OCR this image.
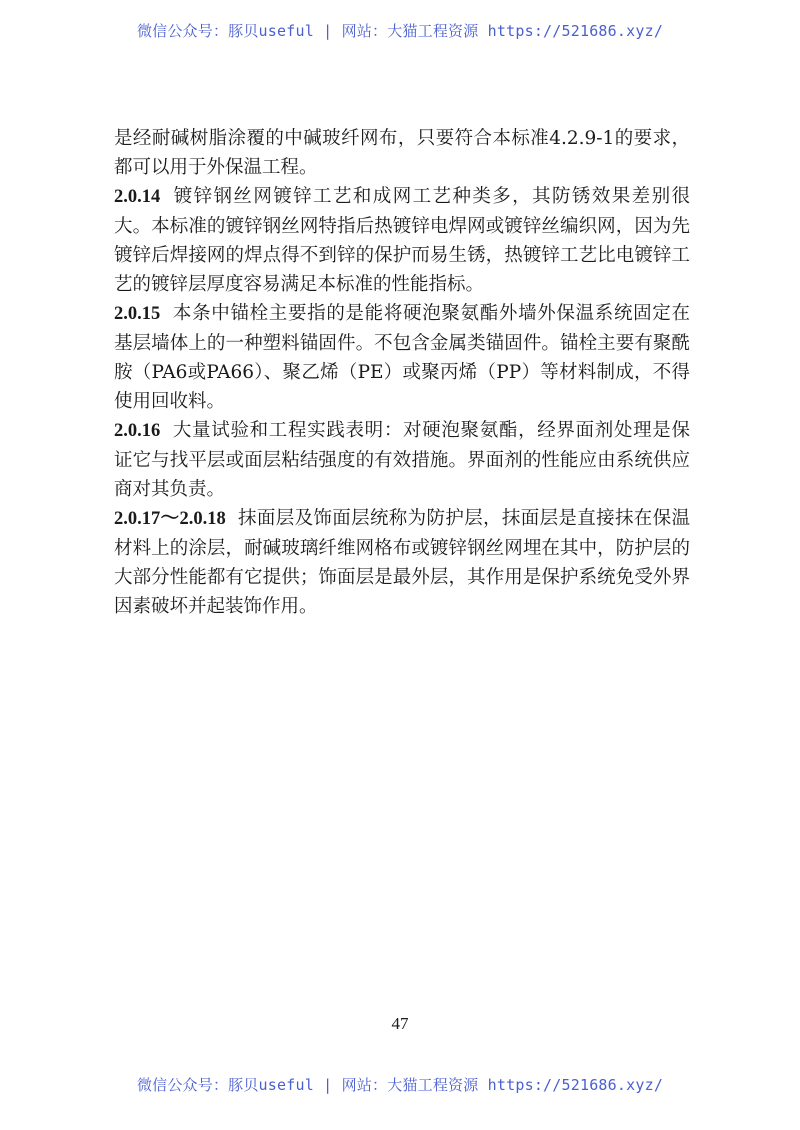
微信公众号：豚贝useful | 网站：大猫工程资源 https://521686.xyz/

是经耐碱树脂涂覆的中碱玻纤网布，只要符合本标准4.2.9-1的要求，都可以用于外保温工程。

2.0.14 镀锌钢丝网镀锌工艺和成网工艺种类多，其防锈效果差别很大。本标准的镀锌钢丝网特指后热镀锌电焊网或镀锌丝编织网，因为先镀锌后焊接网的焊点得不到锌的保护而易生锈，热镀锌工艺比电镀锌工艺的镀锌层厚度容易满足本标准的性能指标。

2.0.15 本条中锚栓主要指的是能将硬泡聚氨酯外墙外保温系统固定在基层墙体上的一种塑料锚固件。不包含金属类锚固件。锚栓主要有聚酰胺（PA6或PA66）、聚乙烯（PE）或聚丙烯（PP）等材料制成，不得使用回收料。

2.0.16 大量试验和工程实践表明：对硬泡聚氨酯，经界面剂处理是保证它与找平层或面层粘结强度的有效措施。界面剂的性能应由系统供应商对其负责。

2.0.17～2.0.18 抹面层及饰面层统称为防护层，抹面层是直接抹在保温材料上的涂层，耐碱玻璃纤维网格布或镀锌钢丝网埋在其中，防护层的大部分性能都有它提供；饰面层是最外层，其作用是保护系统免受外界因素破坏并起装饰作用。

47
微信公众号：豚贝useful | 网站：大猫工程资源 https://521686.xyz/
